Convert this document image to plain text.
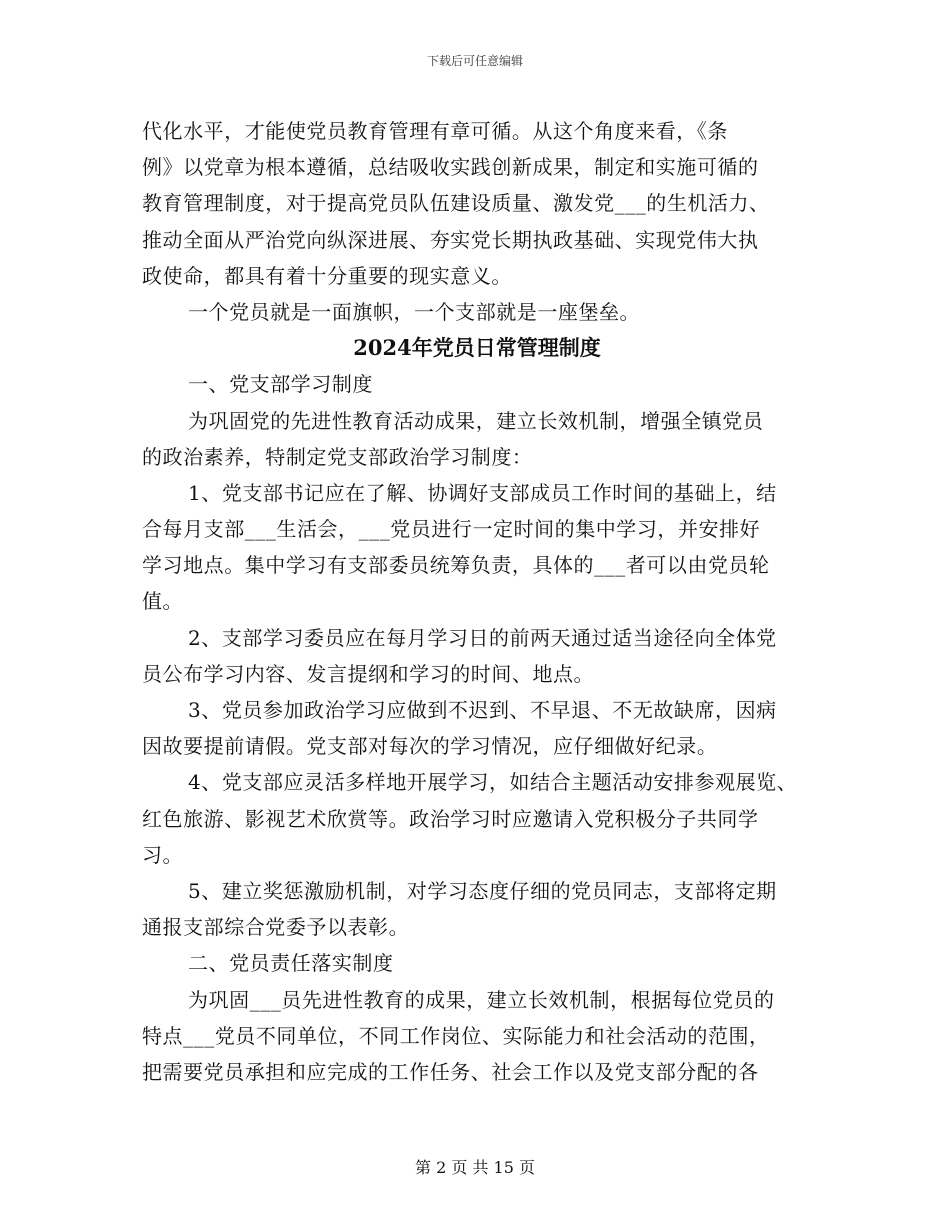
下载后可任意编辑
代化水平，才能使党员教育管理有章可循。从这个角度来看，《条
例》以党章为根本遵循，总结吸收实践创新成果，制定和实施可循的
教育管理制度，对于提高党员队伍建设质量、激发党___的生机活力、
推动全面从严治党向纵深进展、夯实党长期执政基础、实现党伟大执
政使命，都具有着十分重要的现实意义。
一个党员就是一面旗帜，一个支部就是一座堡垒。
2024年党员日常管理制度
一、党支部学习制度
为巩固党的先进性教育活动成果，建立长效机制，增强全镇党员
的政治素养，特制定党支部政治学习制度：
1、党支部书记应在了解、协调好支部成员工作时间的基础上，结
合每月支部___生活会，___党员进行一定时间的集中学习，并安排好
学习地点。集中学习有支部委员统筹负责，具体的___者可以由党员轮
值。
2、支部学习委员应在每月学习日的前两天通过适当途径向全体党
员公布学习内容、发言提纲和学习的时间、地点。
3、党员参加政治学习应做到不迟到、不早退、不无故缺席，因病
因故要提前请假。党支部对每次的学习情况，应仔细做好纪录。
4、党支部应灵活多样地开展学习，如结合主题活动安排参观展览、
红色旅游、影视艺术欣赏等。政治学习时应邀请入党积极分子共同学
习。
5、建立奖惩激励机制，对学习态度仔细的党员同志，支部将定期
通报支部综合党委予以表彰。
二、党员责任落实制度
为巩固___员先进性教育的成果，建立长效机制，根据每位党员的
特点___党员不同单位，不同工作岗位、实际能力和社会活动的范围，
把需要党员承担和应完成的工作任务、社会工作以及党支部分配的各
第 2 页 共 15 页
